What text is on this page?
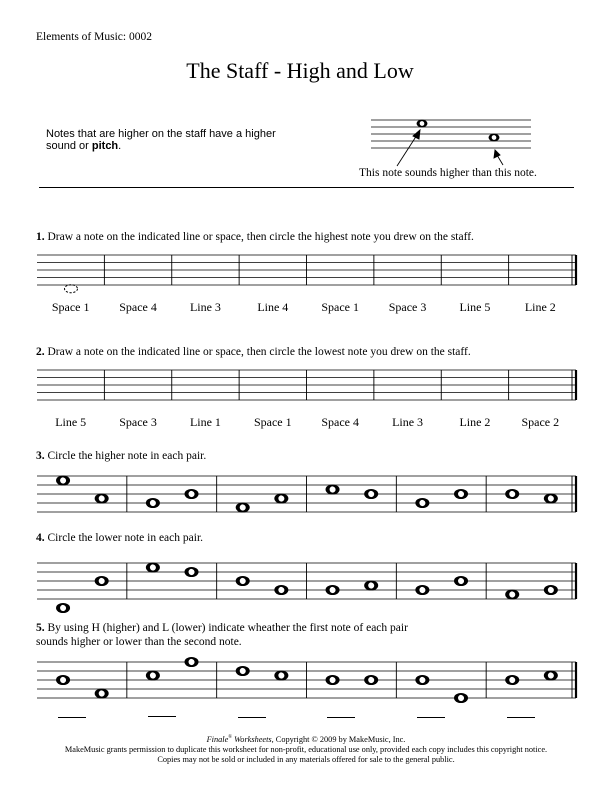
Elements of Music: 0002
The Staff - High and Low
Notes that are higher on the staff have a higher sound or pitch.
This note sounds higher than this note.
1. Draw a note on the indicated line or space, then circle the highest note you drew on the staff.
Space 1	Space 4	Line 3	Line 4	Space 1	Space 3	Line 5	Line 2
2. Draw a note on the indicated line or space, then circle the lowest note you drew on the staff.
Line 5	Space 3	Line 1	Space 1	Space 4	Line 3	Line 2	Space 2
3. Circle the higher note in each pair.
4. Circle the lower note in each pair.
5. By using H (higher) and L (lower) indicate wheather the first note of each pair
sounds higher or lower than the second note.
Finale® Worksheets, Copyright © 2009 by MakeMusic, Inc.
MakeMusic grants permission to duplicate this worksheet for non-profit, educational use only, provided each copy includes this copyright notice.
Copies may not be sold or included in any materials offered for sale to the general public.
